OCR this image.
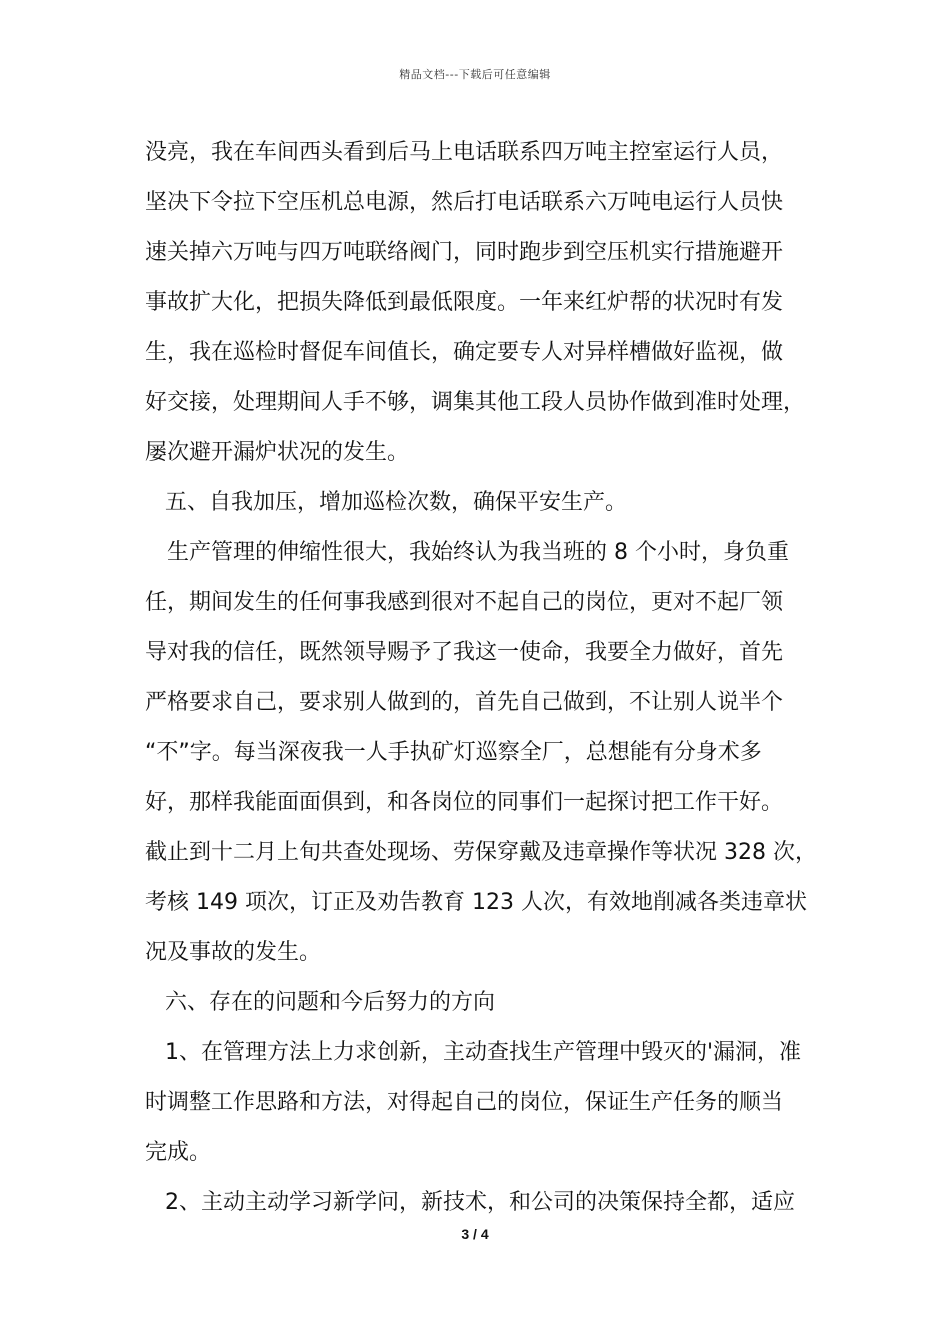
精品文档---下载后可任意编辑
没亮，我在车间西头看到后马上电话联系四万吨主控室运行人员，
坚决下令拉下空压机总电源，然后打电话联系六万吨电运行人员快
速关掉六万吨与四万吨联络阀门，同时跑步到空压机实行措施避开
事故扩大化，把损失降低到最低限度。一年来红炉帮的状况时有发
生，我在巡检时督促车间值长，确定要专人对异样槽做好监视，做
好交接，处理期间人手不够，调集其他工段人员协作做到准时处理，
屡次避开漏炉状况的发生。
五、自我加压，增加巡检次数，确保平安生产。
生产管理的伸缩性很大，我始终认为我当班的 8 个小时，身负重
任，期间发生的任何事我感到很对不起自己的岗位，更对不起厂领
导对我的信任，既然领导赐予了我这一使命，我要全力做好，首先
严格要求自己，要求别人做到的，首先自己做到，不让别人说半个
“不”字。每当深夜我一人手执矿灯巡察全厂，总想能有分身术多
好，那样我能面面俱到，和各岗位的同事们一起探讨把工作干好。
截止到十二月上旬共查处现场、劳保穿戴及违章操作等状况 328 次，
考核 149 项次，订正及劝告教育 123 人次，有效地削减各类违章状
况及事故的发生。
六、存在的问题和今后努力的方向
1、在管理方法上力求创新，主动查找生产管理中毁灭的'漏洞，准
时调整工作思路和方法，对得起自己的岗位，保证生产任务的顺当
完成。
2、主动主动学习新学问，新技术，和公司的决策保持全都，适应
3 / 4
